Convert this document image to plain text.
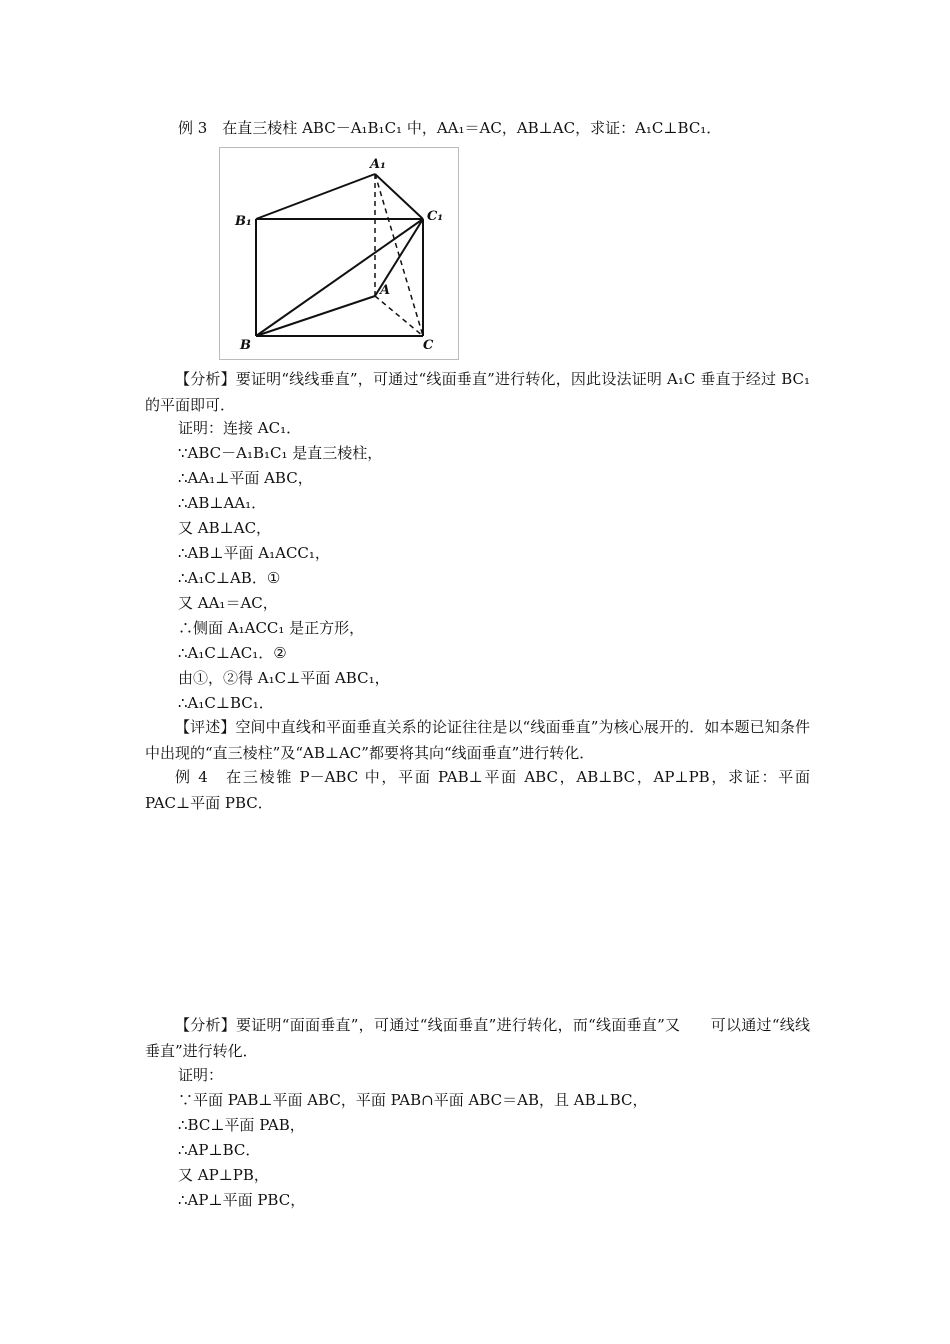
例 3　在直三棱柱 ABC－A₁B₁C₁ 中，AA₁＝AC，AB⊥AC，求证：A₁C⊥BC₁．
A₁
B₁	C₁
A
B	C
【分析】要证明“线线垂直”，可通过“线面垂直”进行转化，因此设法证明 A₁C 垂直于经过 BC₁ 的平面即可．
证明：连接 AC₁．
∵ABC－A₁B₁C₁ 是直三棱柱，
∴AA₁⊥平面 ABC，
∴AB⊥AA₁．
又 AB⊥AC，
∴AB⊥平面 A₁ACC₁，
∴A₁C⊥AB．①
又 AA₁＝AC，
∴侧面 A₁ACC₁ 是正方形，
∴A₁C⊥AC₁．②
由①，②得 A₁C⊥平面 ABC₁，
∴A₁C⊥BC₁．
【评述】空间中直线和平面垂直关系的论证往往是以“线面垂直”为核心展开的．如本题已知条件中出现的“直三棱柱”及“AB⊥AC”都要将其向“线面垂直”进行转化．
例 4　在三棱锥 P－ABC 中，平面 PAB⊥平面 ABC，AB⊥BC，AP⊥PB，求证：平面 PAC⊥平面 PBC．
【分析】要证明“面面垂直”，可通过“线面垂直”进行转化，而“线面垂直”又　　可以通过“线线垂直”进行转化．
证明：
∵平面 PAB⊥平面 ABC，平面 PAB∩平面 ABC＝AB，且 AB⊥BC，
∴BC⊥平面 PAB，
∴AP⊥BC．
又 AP⊥PB，
∴AP⊥平面 PBC，
